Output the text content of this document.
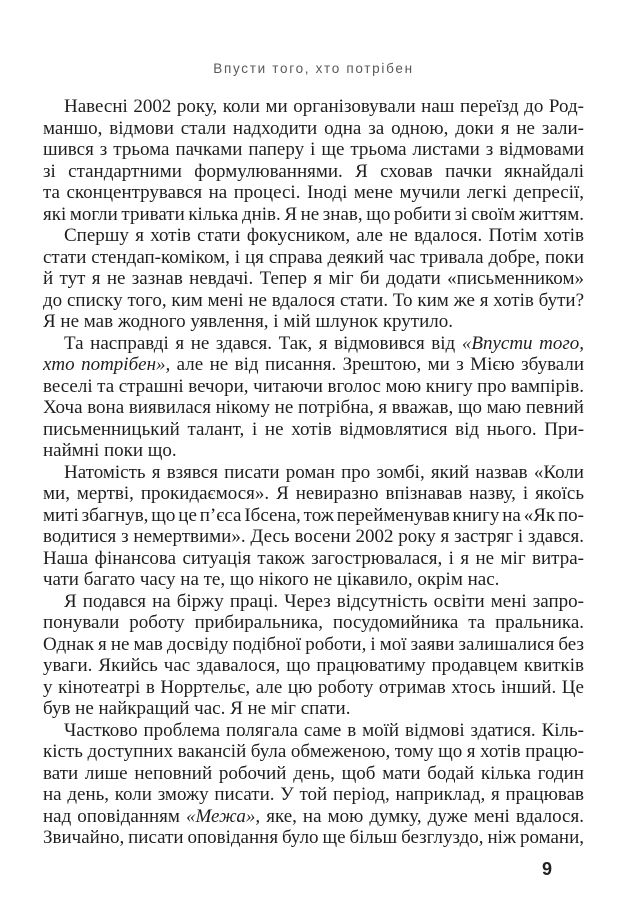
Впусти того, хто потрібен
Навесні 2002 року, коли ми організовували наш переїзд до Род-
маншо, відмови стали надходити одна за одною, доки я не зали-
шився з трьома пачками паперу і ще трьома листами з відмовами
зі стандартними формулюваннями. Я сховав пачки якнайдалі
та сконцентрувався на процесі. Іноді мене мучили легкі депресії,
які могли тривати кілька днів. Я не знав, що робити зі своїм життям.
Спершу я хотів стати фокусником, але не вдалося. Потім хотів
стати стендап-коміком, і ця справа деякий час тривала добре, поки
й тут я не зазнав невдачі. Тепер я міг би додати «письменником»
до списку того, ким мені не вдалося стати. То ким же я хотів бути?
Я не мав жодного уявлення, і мій шлунок крутило.
Та насправді я не здався. Так, я відмовився від «Впусти того,
хто потрібен», але не від писання. Зрештою, ми з Мією збували
веселі та страшні вечори, читаючи вголос мою книгу про вампірів.
Хоча вона виявилася нікому не потрібна, я вважав, що маю певний
письменницький талант, і не хотів відмовлятися від нього. При-
наймні поки що.
Натомість я взявся писати роман про зомбі, який назвав «Коли
ми, мертві, прокидаємося». Я невиразно впізнавав назву, і якоїсь
миті збагнув, що це п’єса Ібсена, тож перейменував книгу на «Як по-
водитися з немертвими». Десь восени 2002 року я застряг і здався.
Наша фінансова ситуація також загострювалася, і я не міг витра-
чати багато часу на те, що нікого не цікавило, окрім нас.
Я подався на біржу праці. Через відсутність освіти мені запро-
понували роботу прибиральника, посудомийника та пральника.
Однак я не мав досвіду подібної роботи, і мої заяви залишалися без
уваги. Якийсь час здавалося, що працюватиму продавцем квитків
у кінотеатрі в Норртельє, але цю роботу отримав хтось інший. Це
був не найкращий час. Я не міг спати.
Частково проблема полягала саме в моїй відмові здатися. Кіль-
кість доступних вакансій була обмеженою, тому що я хотів працю-
вати лише неповний робочий день, щоб мати бодай кілька годин
на день, коли зможу писати. У той період, наприклад, я працював
над оповіданням «Межа», яке, на мою думку, дуже мені вдалося.
Звичайно, писати оповідання було ще більш безглуздо, ніж романи,
9
